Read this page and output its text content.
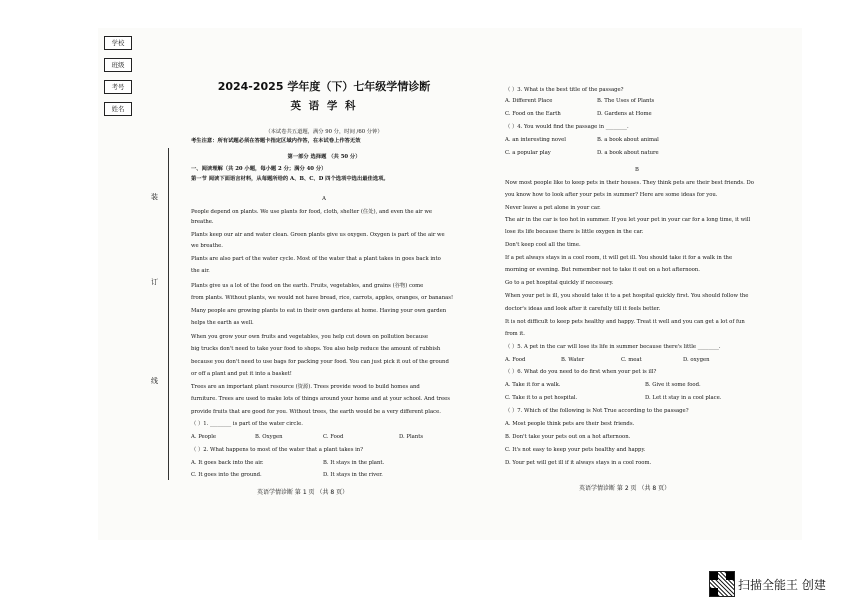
学校
班级
考号
姓名
装
订
线
2024-2025 学年度（下）七年级学情诊断
英 语 学 科
（本试卷共五道题，满分 90 分，时间 /60 分钟）
考生注意：所有试题必须在答题卡指定区域内作答，在本试卷上作答无效
第一部分 选择题 （共 50 分）
一、阅读理解（共 20 小题，每小题 2 分；满分 40 分）
第一节 阅读下面语言材料，从每题所给的 A、B、C、D 四个选项中选出最佳选项。
A
People depend on plants. We use plants for food, cloth, shelter (住处), and even the air we
breathe.
Plants keep our air and water clean. Green plants give us oxygen. Oxygen is part of the air we
we breathe.
Plants are also part of the water cycle. Most of the water that a plant takes in goes back into
the air.
Plants give us a lot of the food on the earth. Fruits, vegetables, and grains (谷物) come
from plants. Without plants, we would not have bread, rice, carrots, apples, oranges, or bananas!
Many people are growing plants to eat in their own gardens at home. Having your own garden
helps the earth as well.
When you grow your own fruits and vegetables, you help cut down on pollution because
big trucks don't need to take your food to shops. You also help reduce the amount of rubbish
because you don't need to use bags for packing your food. You can just pick it out of the ground
or off a plant and put it into a basket!
Trees are an important plant resource (资源). Trees provide wood to build homes and
furniture. Trees are used to make lots of things around your home and at your school. And trees
provide fruits that are good for you. Without trees, the earth would be a very different place.
（ ）1. ________ is part of the water circle.
A. People	B. Oxygen	C. Food	D. Plants
（ ）2. What happens to most of the water that a plant takes in?
A. It goes back into the air.	B. It stays in the plant.
C. It goes into the ground.	D. It stays in the river.
英语学情诊断 第 1 页 （共 8 页）
（ ）3. What is the best title of the passage?
A. Different Place	B. The Uses of Plants
C. Food on the Earth	D. Gardens at Home
（ ）4. You would find the passage in ________.
A. an interesting novel	B. a book about animal
C. a popular play	D. a book about nature
B
Now most people like to keep pets in their houses. They think pets are their best friends. Do
you know how to look after your pets in summer? Here are some ideas for you.
Never leave a pet alone in your car.
The air in the car is too hot in summer. If you let your pet in your car for a long time, it will
lose its life because there is little oxygen in the car.
Don't keep cool all the time.
If a pet always stays in a cool room, it will get ill. You should take it for a walk in the
morning or evening. But remember not to take it out on a hot afternoon.
Go to a pet hospital quickly if necessary.
When your pet is ill, you should take it to a pet hospital quickly first. You should follow the
doctor's ideas and look after it carefully till it feels better.
It is not difficult to keep pets healthy and happy. Treat it well and you can get a lot of fun
from it.
（ ）5. A pet in the car will lose its life in summer because there's little ________.
A. Food	B. Water	C. meat	D. oxygen
（ ）6. What do you need to do first when your pet is ill?
A. Take it for a walk.	B. Give it some food.
C. Take it to a pet hospital.	D. Let it stay in a cool place.
（ ）7. Which of the following is Not True according to the passage?
A. Most people think pets are their best friends.
B. Don't take your pets out on a hot afternoon.
C. It's not easy to keep your pets healthy and happy.
D. Your pet will get ill if it always stays in a cool room.
英语学情诊断 第 2 页 （共 8 页）
扫描全能王 创建
